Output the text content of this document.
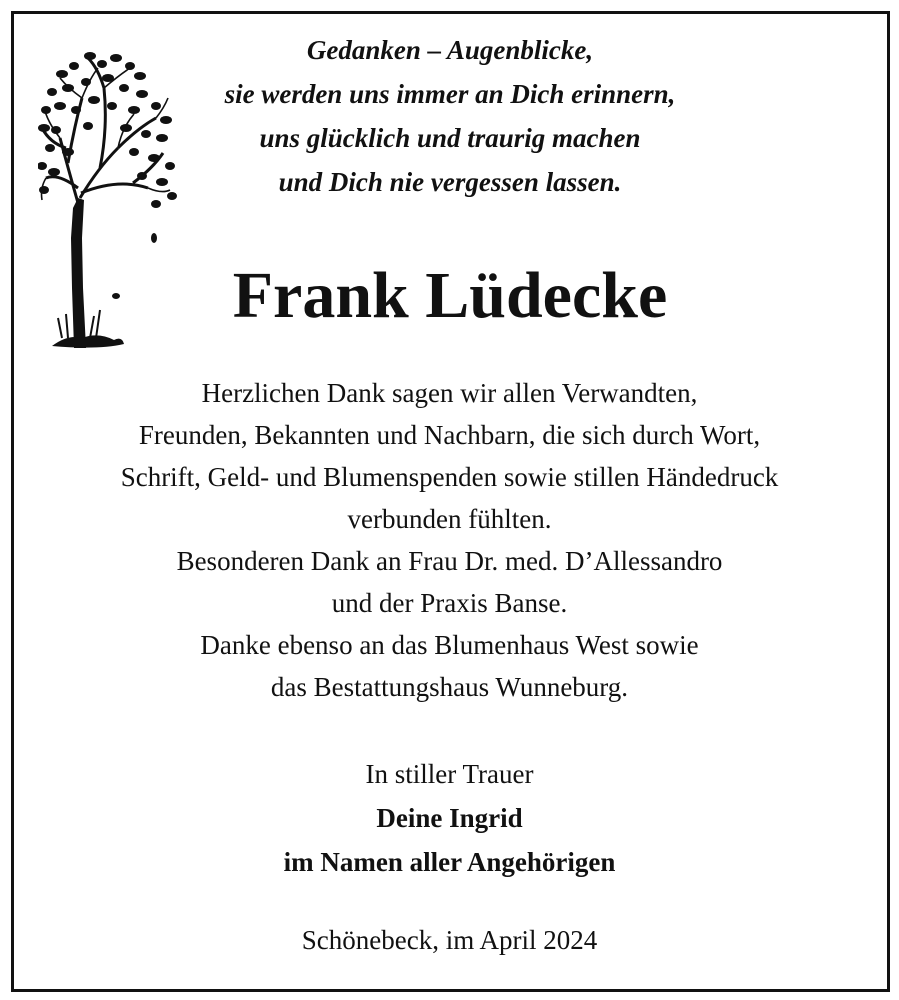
Gedanken – Augenblicke,
sie werden uns immer an Dich erinnern,
uns glücklich und traurig machen
und Dich nie vergessen lassen.
Frank Lüdecke
Herzlichen Dank sagen wir allen Verwandten,
Freunden, Bekannten und Nachbarn, die sich durch Wort,
Schrift, Geld- und Blumenspenden sowie stillen Händedruck
verbunden fühlten.
Besonderen Dank an Frau Dr. med. D’Allessandro
und der Praxis Banse.
Danke ebenso an das Blumenhaus West sowie
das Bestattungshaus Wunneburg.
In stiller Trauer
Deine Ingrid
im Namen aller Angehörigen
Schönebeck, im April 2024
